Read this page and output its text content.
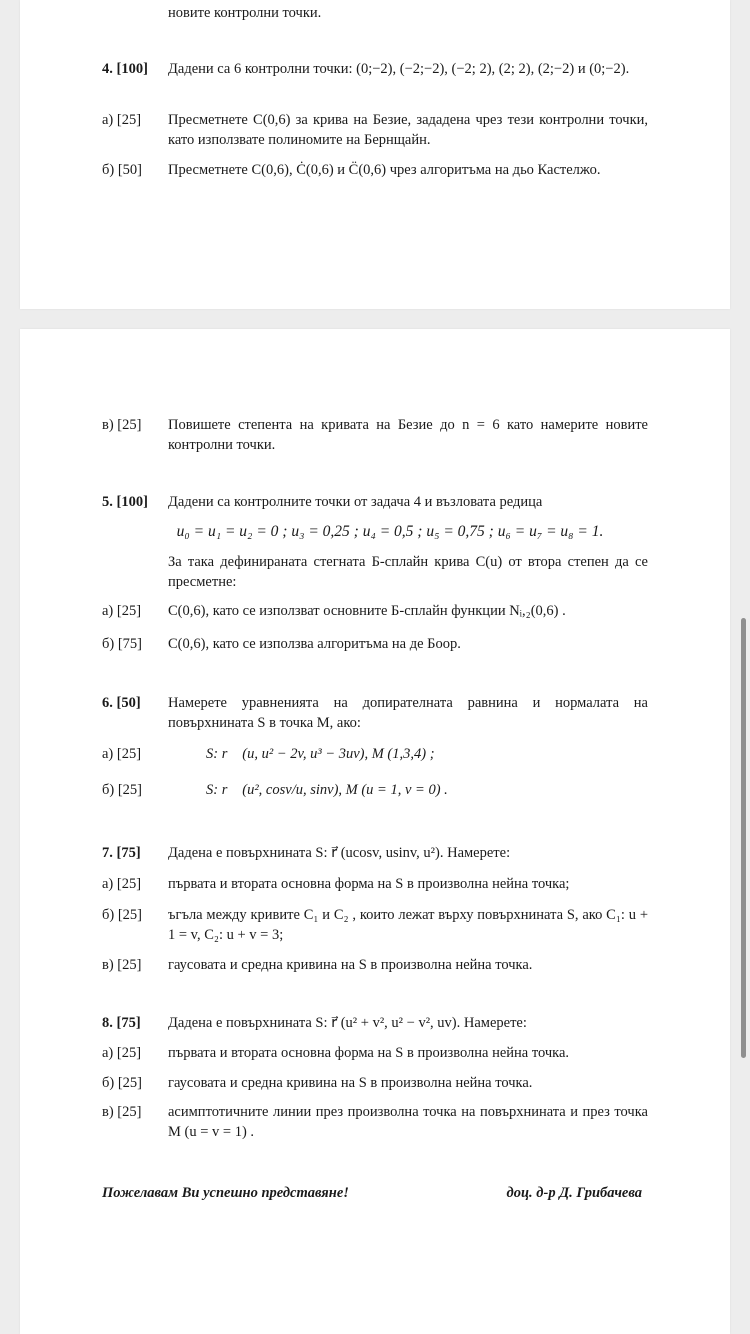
новите контролни точки.
4. [100] Дадени са 6 контролни точки: (0;−2), (−2;−2), (−2; 2), (2; 2), (2;−2) и (0;−2).
а) [25] Пресметнете C(0,6) за крива на Безие, зададена чрез тези контролни точки, като използвате полиномите на Бернщайн.
б) [50] Пресметнете C(0,6), Ċ(0,6) и C̈(0,6) чрез алгоритъма на дьо Кастелжо.
в) [25] Повишете степента на кривата на Безие до n = 6 като намерите новите контролни точки.
5. [100] Дадени са контролните точки от задача 4 и възловата редица
u₀ = u₁ = u₂ = 0 ; u₃ = 0,25 ; u₄ = 0,5 ; u₅ = 0,75 ; u₆ = u₇ = u₈ = 1.
За така дефинираната стегната Б-сплайн крива C(u) от втора степен да се пресметне:
а) [25] C(0,6), като се използват основните Б-сплайн функции Nᵢ,₂(0,6) .
б) [75] C(0,6), като се използва алгоритъма на де Боор.
6. [50] Намерете уравненията на допирателната равнина и нормалата на повърхнината S в точка M, ако:
а) [25]	S: r⃗ (u, u² − 2v, u³ − 3uv), M (1,3,4) ;
б) [25]	S: r⃗ (u², cosv/u, sinv), M (u = 1, v = 0) .
7. [75] Дадена е повърхнината S: r⃗ (ucosv, usinv, u²). Намерете:
а) [25] първата и втората основна форма на S в произволна нейна точка;
б) [25] ъгъла между кривите C₁ и C₂ , които лежат върху повърхнината S, ако C₁: u + 1 = v, C₂: u + v = 3;
в) [25] гаусовата и средна кривина на S в произволна нейна точка.
8. [75] Дадена е повърхнината S: r⃗ (u² + v², u² − v², uv). Намерете:
а) [25] първата и втората основна форма на S в произволна нейна точка.
б) [25] гаусовата и средна кривина на S в произволна нейна точка.
в) [25] асимптотичните линии през произволна точка на повърхнината и през точка M (u = v = 1) .
Пожелавам Ви успешно представяне!	доц. д-р Д. Грибачева
